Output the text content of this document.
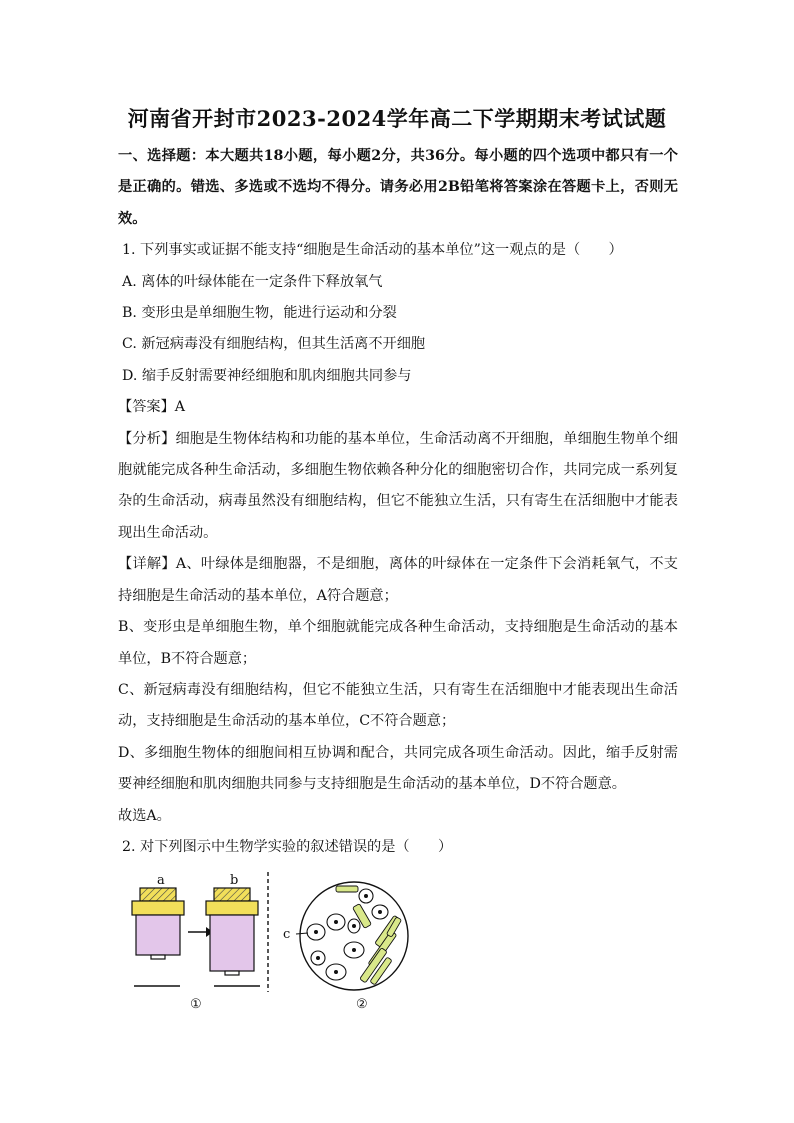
河南省开封市2023-2024学年高二下学期期末考试试题

一、选择题：本大题共18小题，每小题2分，共36分。每小题的四个选项中都只有一个是正确的。错选、多选或不选均不得分。请务必用2B铅笔将答案涂在答题卡上，否则无效。

1. 下列事实或证据不能支持“细胞是生命活动的基本单位”这一观点的是（　　）

A. 离体的叶绿体能在一定条件下释放氧气

B. 变形虫是单细胞生物，能进行运动和分裂

C. 新冠病毒没有细胞结构，但其生活离不开细胞

D. 缩手反射需要神经细胞和肌肉细胞共同参与

【答案】A

【分析】细胞是生物体结构和功能的基本单位，生命活动离不开细胞，单细胞生物单个细胞就能完成各种生命活动，多细胞生物依赖各种分化的细胞密切合作，共同完成一系列复杂的生命活动，病毒虽然没有细胞结构，但它不能独立生活，只有寄生在活细胞中才能表现出生命活动。

【详解】A、叶绿体是细胞器，不是细胞，离体的叶绿体在一定条件下会消耗氧气，不支持细胞是生命活动的基本单位，A符合题意；

B、变形虫是单细胞生物，单个细胞就能完成各种生命活动，支持细胞是生命活动的基本单位，B不符合题意；

C、新冠病毒没有细胞结构，但它不能独立生活，只有寄生在活细胞中才能表现出生命活动，支持细胞是生命活动的基本单位，C不符合题意；

D、多细胞生物体的细胞间相互协调和配合，共同完成各项生命活动。因此，缩手反射需要神经细胞和肌肉细胞共同参与支持细胞是生命活动的基本单位，D不符合题意。

故选A。

2. 对下列图示中生物学实验的叙述错误的是（　　）

a	b
①
c
②
